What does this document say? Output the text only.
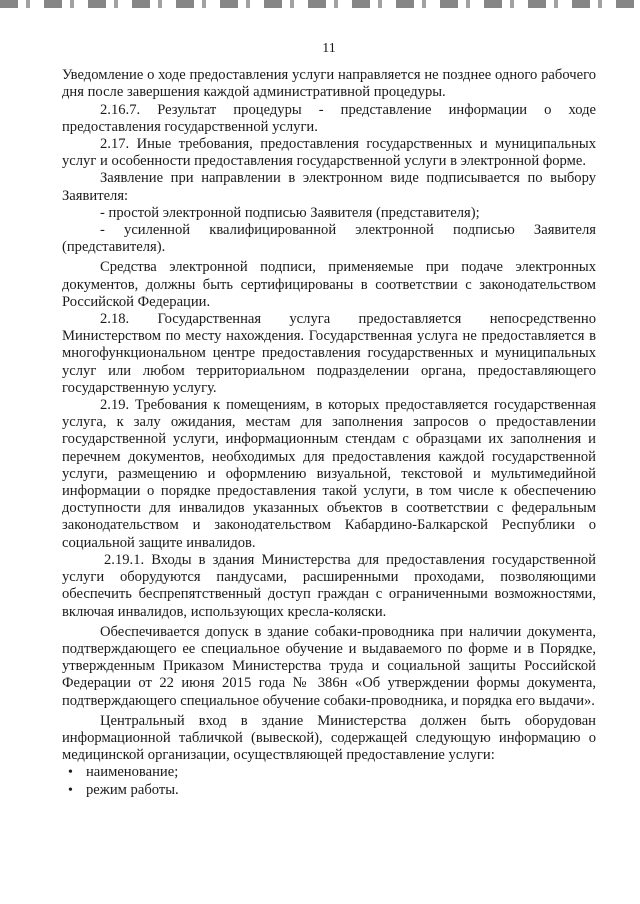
11

Уведомление о ходе предоставления услуги направляется не позднее одного рабочего дня после завершения каждой административной процедуры.

2.16.7. Результат процедуры - представление информации о ходе предоставления государственной услуги.

2.17. Иные требования, предоставления государственных и муниципальных услуг и особенности предоставления государственной услуги в электронной форме.

Заявление при направлении в электронном виде подписывается по выбору Заявителя:

- простой электронной подписью Заявителя (представителя);

- усиленной квалифицированной электронной подписью Заявителя (представителя).

Средства электронной подписи, применяемые при подаче электронных документов, должны быть сертифицированы в соответствии с законодательством Российской Федерации.

2.18. Государственная услуга предоставляется непосредственно Министерством по месту нахождения. Государственная услуга не предоставляется в многофункциональном центре предоставления государственных и муниципальных услуг или любом территориальном подразделении органа, предоставляющего государственную услугу.

2.19. Требования к помещениям, в которых предоставляется государственная услуга, к залу ожидания, местам для заполнения запросов о предоставлении государственной услуги, информационным стендам с образцами их заполнения и перечнем документов, необходимых для предоставления каждой государственной услуги, размещению и оформлению визуальной, текстовой и мультимедийной информации о порядке предоставления такой услуги, в том числе к обеспечению доступности для инвалидов указанных объектов в соответствии с федеральным законодательством и законодательством Кабардино-Балкарской Республики о социальной защите инвалидов.

2.19.1. Входы в здания Министерства для предоставления государственной услуги оборудуются пандусами, расширенными проходами, позволяющими обеспечить беспрепятственный доступ граждан с ограниченными возможностями, включая инвалидов, использующих кресла-коляски.

Обеспечивается допуск в здание собаки-проводника при наличии документа, подтверждающего ее специальное обучение и выдаваемого по форме и в Порядке, утвержденным Приказом Министерства труда и социальной защиты Российской Федерации от 22 июня 2015 года № 386н «Об утверждении формы документа, подтверждающего специальное обучение собаки-проводника, и порядка его выдачи».

Центральный вход в здание Министерства должен быть оборудован информационной табличкой (вывеской), содержащей следующую информацию о медицинской организации, осуществляющей предоставление услуги:

• наименование;
• режим работы.
